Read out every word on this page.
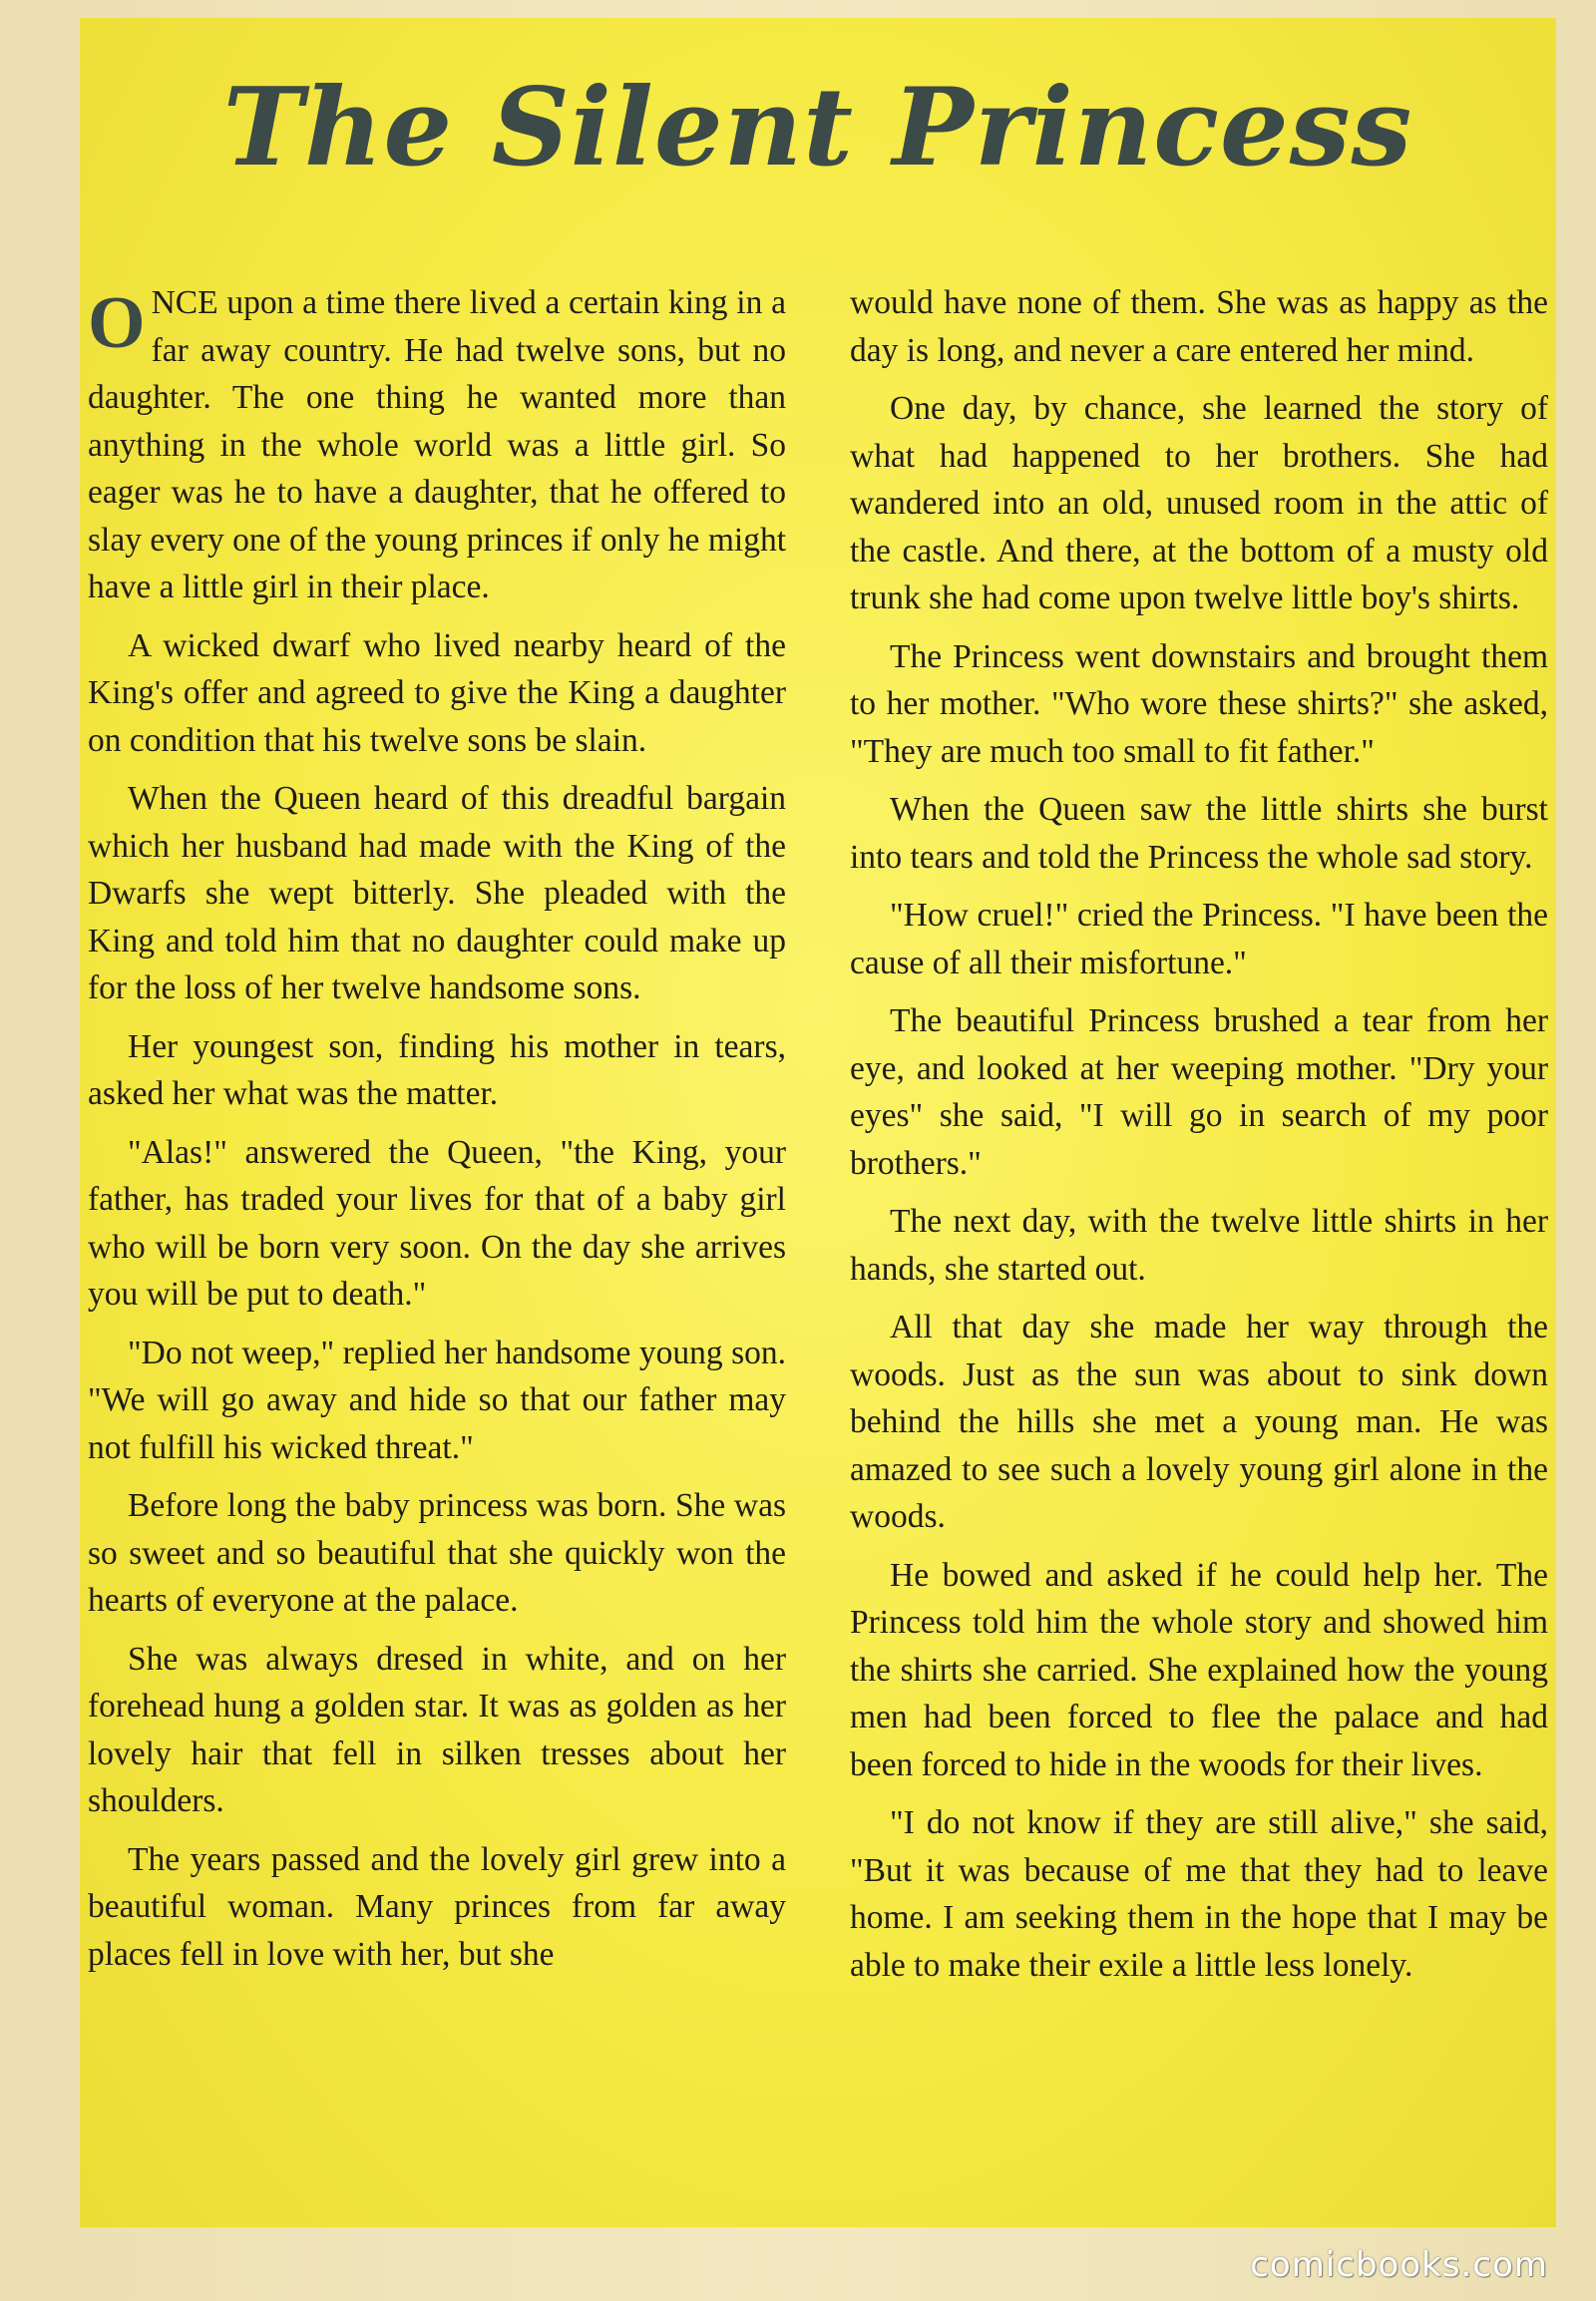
The Silent Princess

ONCE upon a time there lived a certain king in a far away country. He had twelve sons, but no daughter. The one thing he wanted more than anything in the whole world was a little girl. So eager was he to have a daughter, that he offered to slay every one of the young princes if only he might have a little girl in their place.

A wicked dwarf who lived nearby heard of the King's offer and agreed to give the King a daughter on condition that his twelve sons be slain.

When the Queen heard of this dreadful bargain which her husband had made with the King of the Dwarfs she wept bitterly. She pleaded with the King and told him that no daughter could make up for the loss of her twelve handsome sons.

Her youngest son, finding his mother in tears, asked her what was the matter.

"Alas!" answered the Queen, "the King, your father, has traded your lives for that of a baby girl who will be born very soon. On the day she arrives you will be put to death."

"Do not weep," replied her handsome young son. "We will go away and hide so that our father may not fulfill his wicked threat."

Before long the baby princess was born. She was so sweet and so beautiful that she quickly won the hearts of everyone at the palace.

She was always dresed in white, and on her forehead hung a golden star. It was as golden as her lovely hair that fell in silken tresses about her shoulders.

The years passed and the lovely girl grew into a beautiful woman. Many princes from far away places fell in love with her, but she

would have none of them. She was as happy as the day is long, and never a care entered her mind.

One day, by chance, she learned the story of what had happened to her brothers. She had wandered into an old, unused room in the attic of the castle. And there, at the bottom of a musty old trunk she had come upon twelve little boy's shirts.

The Princess went downstairs and brought them to her mother. "Who wore these shirts?" she asked, "They are much too small to fit father."

When the Queen saw the little shirts she burst into tears and told the Princess the whole sad story.

"How cruel!" cried the Princess. "I have been the cause of all their misfortune."

The beautiful Princess brushed a tear from her eye, and looked at her weeping mother. "Dry your eyes" she said, "I will go in search of my poor brothers."

The next day, with the twelve little shirts in her hands, she started out.

All that day she made her way through the woods. Just as the sun was about to sink down behind the hills she met a young man. He was amazed to see such a lovely young girl alone in the woods.

He bowed and asked if he could help her. The Princess told him the whole story and showed him the shirts she carried. She explained how the young men had been forced to flee the palace and had been forced to hide in the woods for their lives.

"I do not know if they are still alive," she said, "But it was because of me that they had to leave home. I am seeking them in the hope that I may be able to make their exile a little less lonely.

comicbooks.com
